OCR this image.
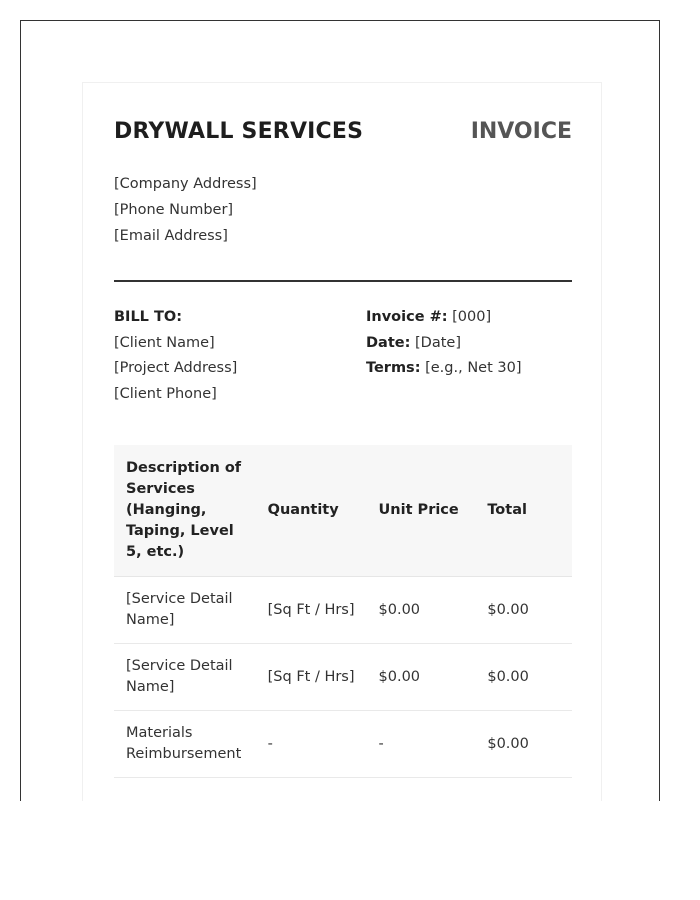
DRYWALL SERVICES	INVOICE
[Company Address]
[Phone Number]
[Email Address]
BILL TO:
[Client Name]
[Project Address]
[Client Phone]
Invoice #: [000]
Date: [Date]
Terms: [e.g., Net 30]
Description of Services (Hanging, Taping, Level 5, etc.)	Quantity	Unit Price	Total
[Service Detail Name]	[Sq Ft / Hrs]	$0.00	$0.00
[Service Detail Name]	[Sq Ft / Hrs]	$0.00	$0.00
Materials Reimbursement	-	-	$0.00
